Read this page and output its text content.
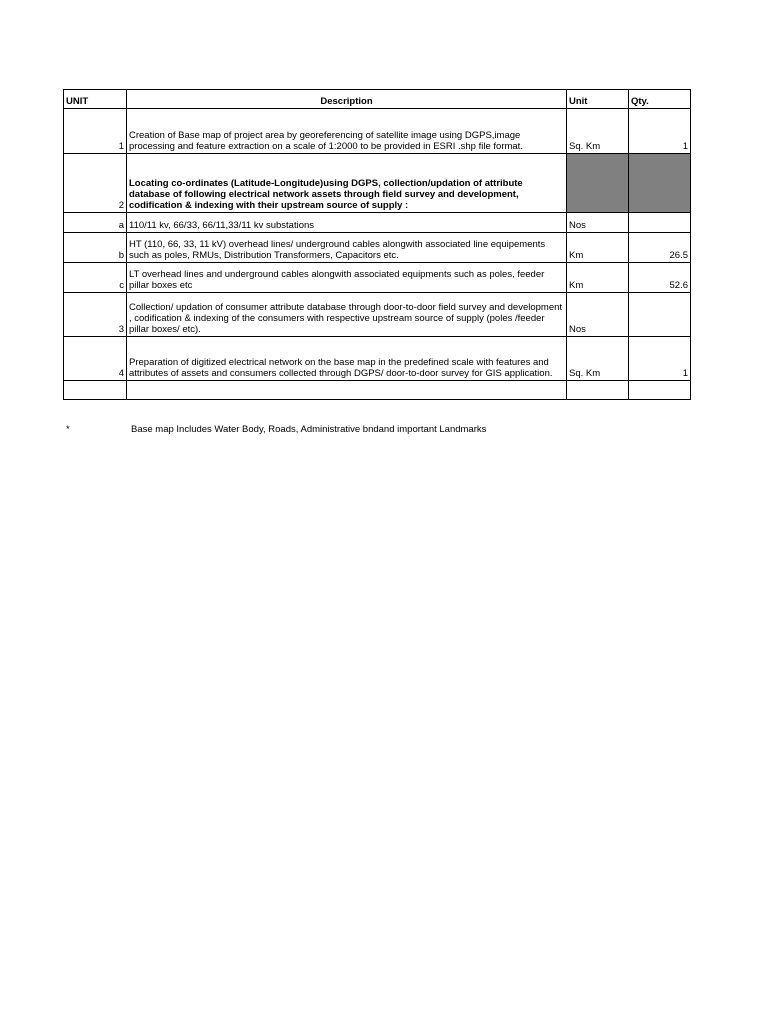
UNIT	Description	Unit	Qty.
1	Creation of Base map of project area by georeferencing of satellite image using DGPS,image processing and feature extraction on a scale of 1:2000 to be provided in ESRI .shp file format.	Sq. Km	1
2	Locating co-ordinates (Latitude-Longitude)using DGPS, collection/updation of attribute database of following electrical network assets through field survey and development, codification & indexing with their upstream source of supply :		
a	110/11 kv, 66/33, 66/11,33/11 kv substations	Nos	
b	HT (110, 66, 33, 11 kV) overhead lines/ underground cables alongwith associated line equipements such as poles, RMUs, Distribution Transformers, Capacitors etc.	Km	26.5
c	LT overhead lines and underground cables alongwith associated equipments such as poles, feeder pillar boxes etc	Km	52.6
3	Collection/ updation of consumer attribute database through door-to-door field survey and development , codification & indexing of the consumers with respective upstream source of supply (poles /feeder pillar boxes/ etc).	Nos	
4	Preparation of digitized electrical network on the base map in the predefined scale with features and attributes of assets and consumers collected through DGPS/ door-to-door survey for GIS application.	Sq. Km	1

*	Base map Includes Water Body, Roads, Administrative bndand important Landmarks
